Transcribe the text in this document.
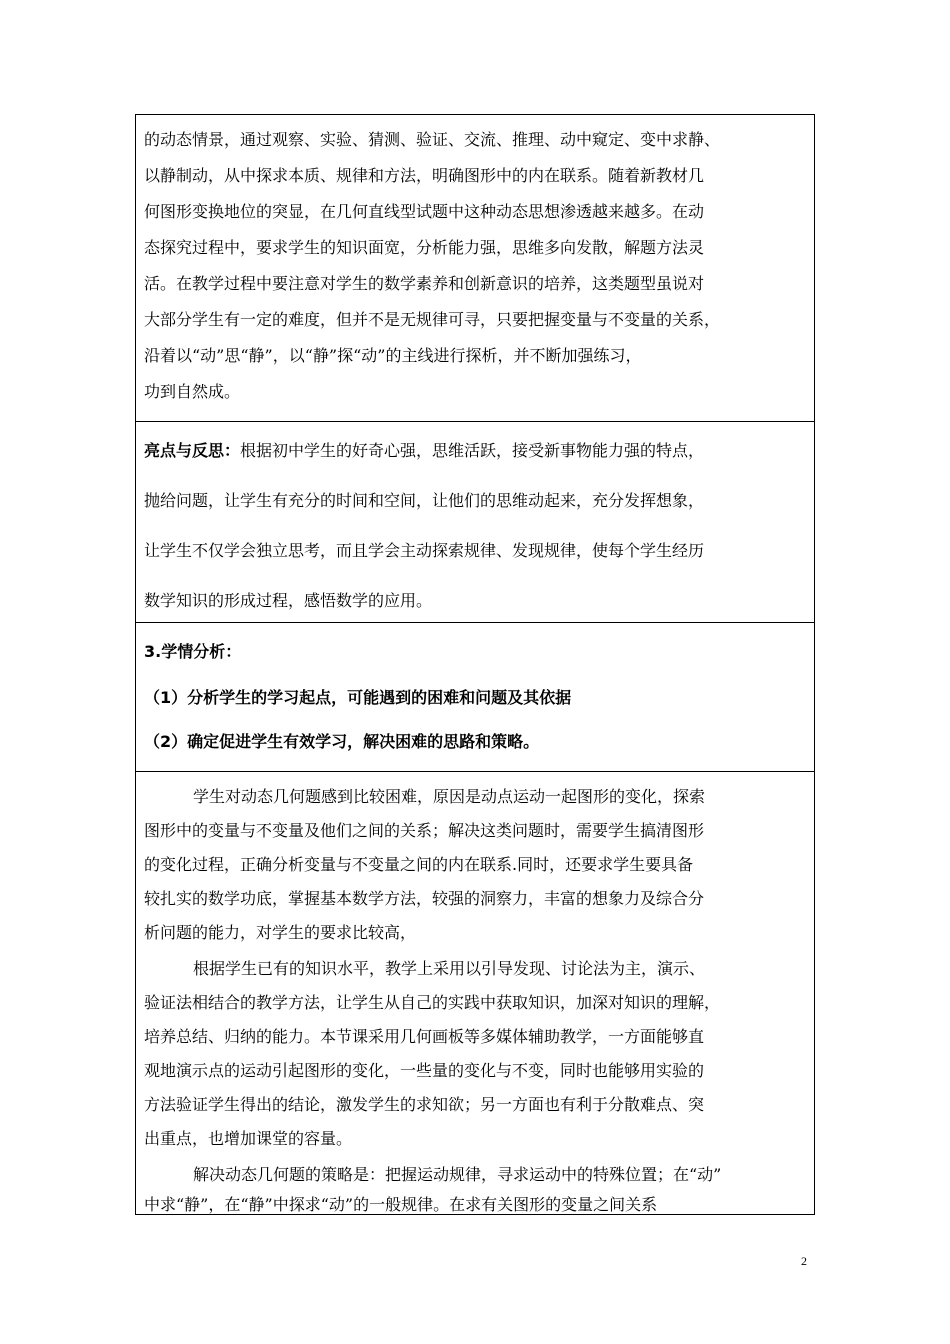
的动态情景，通过观察、实验、猜测、验证、交流、推理、动中窥定、变中求静、
以静制动，从中探求本质、规律和方法，明确图形中的内在联系。随着新教材几
何图形变换地位的突显，在几何直线型试题中这种动态思想渗透越来越多。在动
态探究过程中，要求学生的知识面宽，分析能力强，思维多向发散，解题方法灵
活。在教学过程中要注意对学生的数学素养和创新意识的培养，这类题型虽说对
大部分学生有一定的难度，但并不是无规律可寻，只要把握变量与不变量的关系，
沿着以“动”思“静”，以“静”探“动”的主线进行探析，并不断加强练习，
功到自然成。
亮点与反思：根据初中学生的好奇心强，思维活跃，接受新事物能力强的特点，
抛给问题，让学生有充分的时间和空间，让他们的思维动起来，充分发挥想象，
让学生不仅学会独立思考，而且学会主动探索规律、发现规律，使每个学生经历
数学知识的形成过程，感悟数学的应用。
3.学情分析：
（1）分析学生的学习起点，可能遇到的困难和问题及其依据
（2）确定促进学生有效学习，解决困难的思路和策略。
学生对动态几何题感到比较困难，原因是动点运动一起图形的变化，探索
图形中的变量与不变量及他们之间的关系；解决这类问题时，需要学生搞清图形
的变化过程，正确分析变量与不变量之间的内在联系.同时，还要求学生要具备
较扎实的数学功底，掌握基本数学方法，较强的洞察力，丰富的想象力及综合分
析问题的能力，对学生的要求比较高，
根据学生已有的知识水平，教学上采用以引导发现、讨论法为主，演示、
验证法相结合的教学方法，让学生从自己的实践中获取知识，加深对知识的理解，
培养总结、归纳的能力。本节课采用几何画板等多媒体辅助教学，一方面能够直
观地演示点的运动引起图形的变化，一些量的变化与不变，同时也能够用实验的
方法验证学生得出的结论，激发学生的求知欲；另一方面也有利于分散难点、突
出重点，也增加课堂的容量。
解决动态几何题的策略是：把握运动规律，寻求运动中的特殊位置；在“动”
中求“静”，在“静”中探求“动”的一般规律。在求有关图形的变量之间关系
2
